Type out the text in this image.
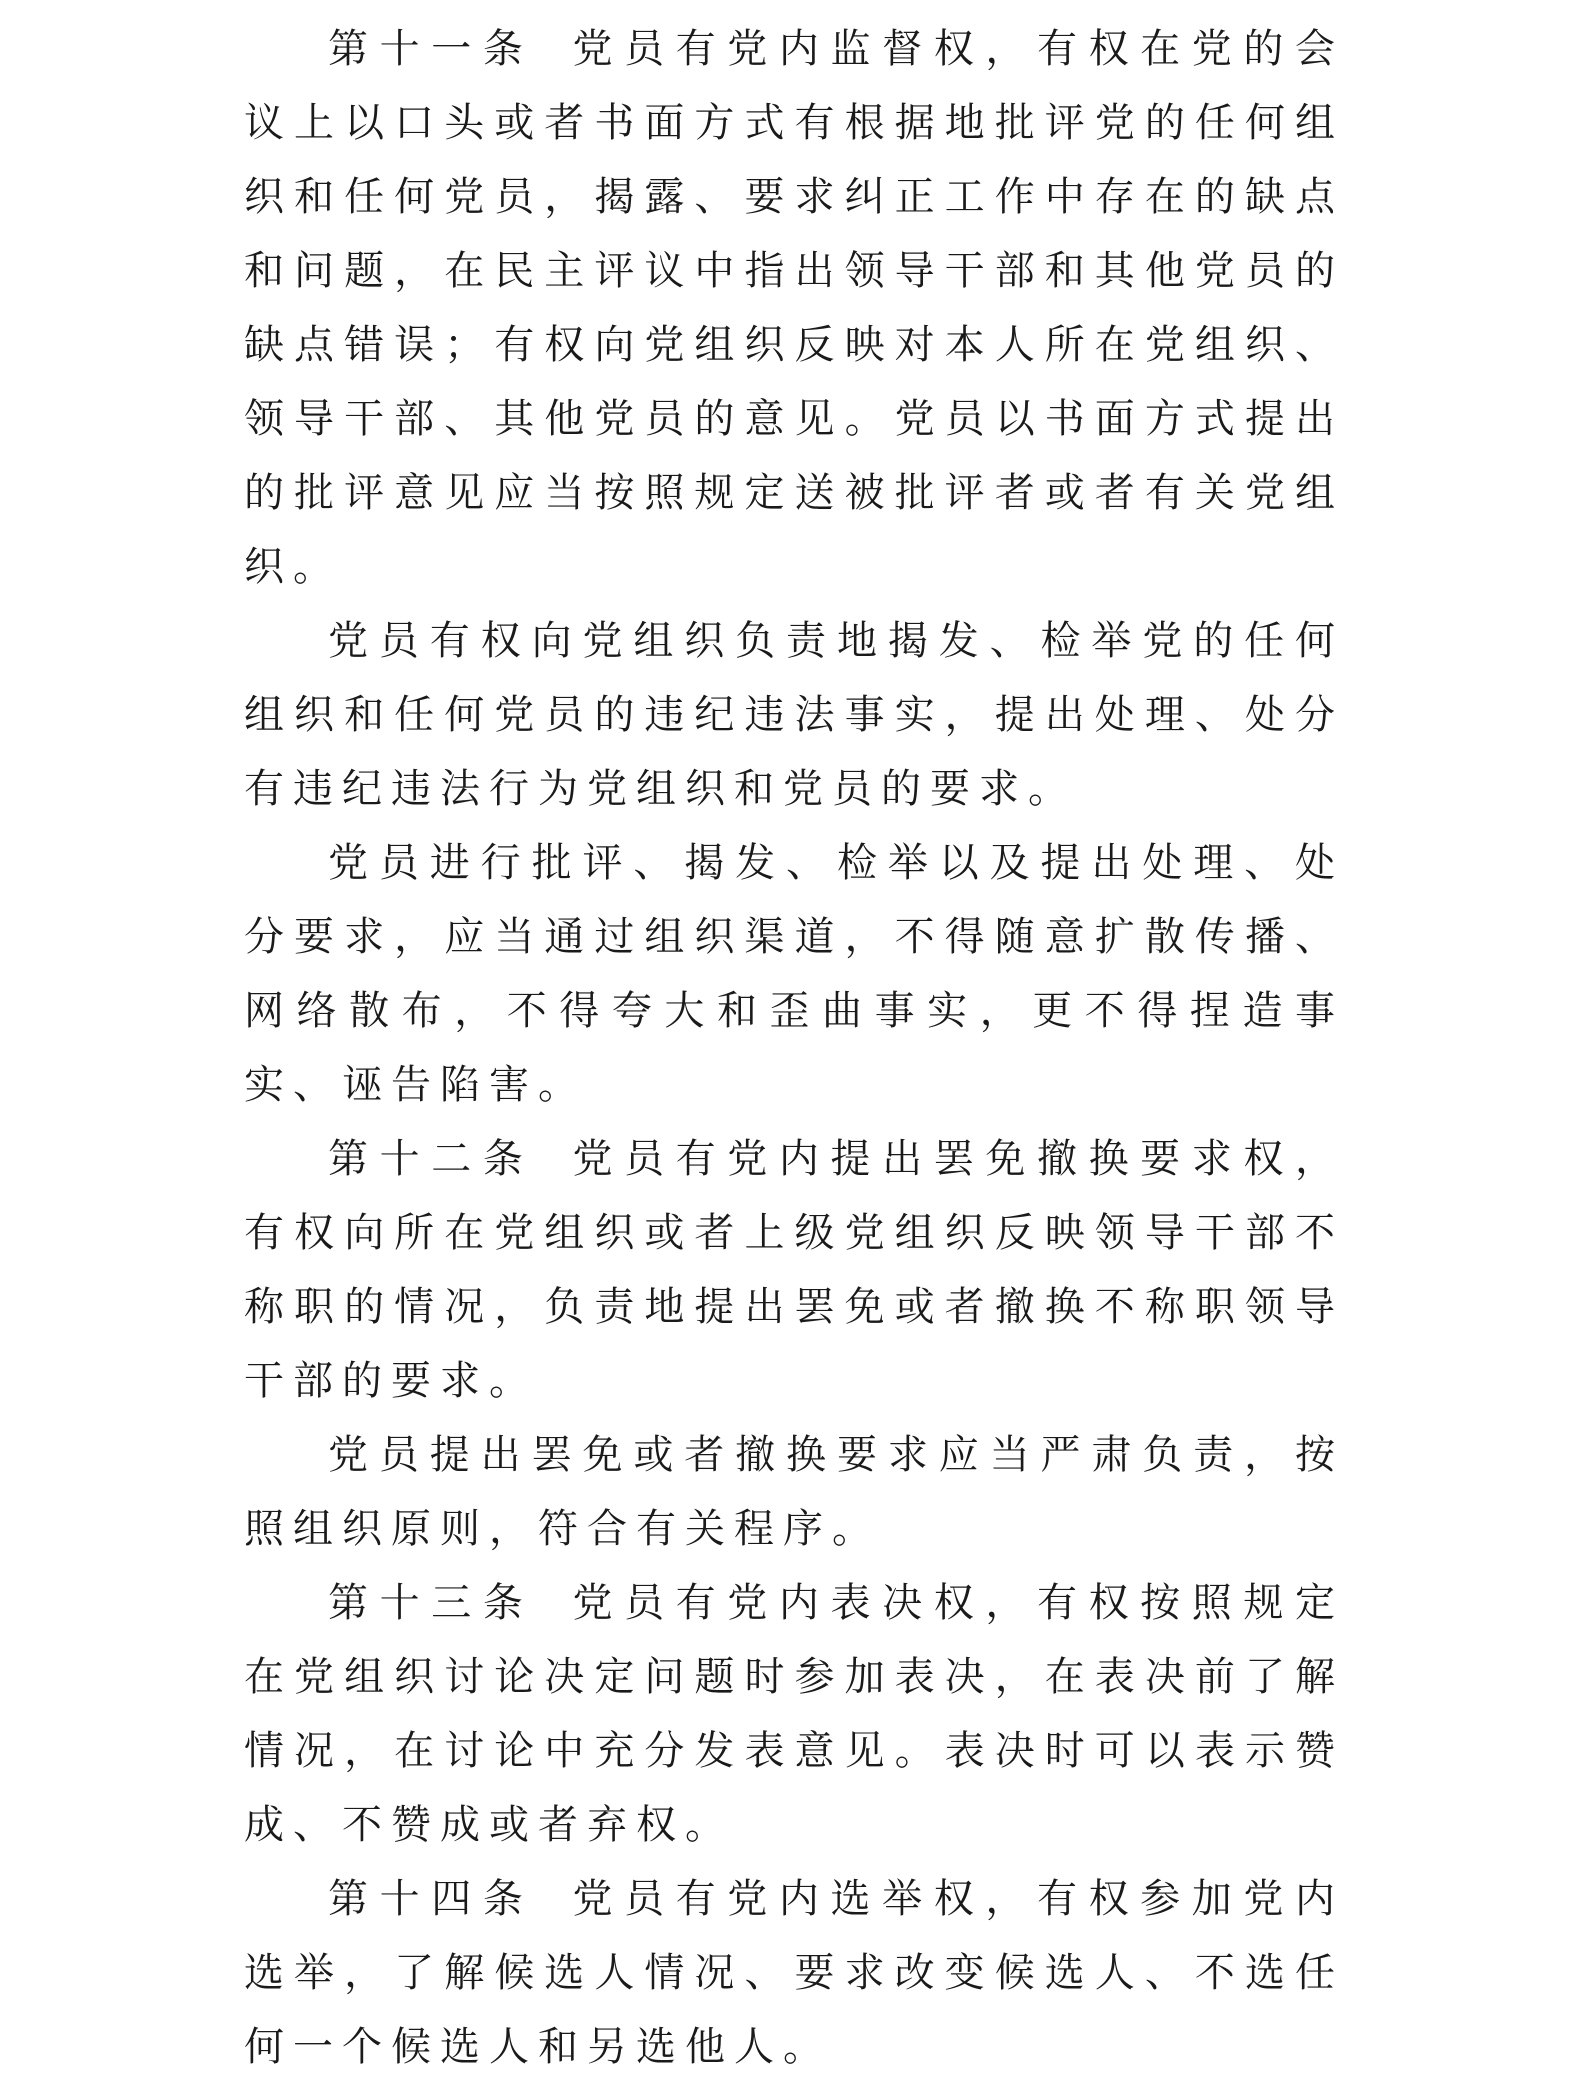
第十一条 党员有党内监督权，有权在党的会议上以口头或者书面方式有根据地批评党的任何组织和任何党员，揭露、要求纠正工作中存在的缺点和问题，在民主评议中指出领导干部和其他党员的缺点错误；有权向党组织反映对本人所在党组织、领导干部、其他党员的意见。党员以书面方式提出的批评意见应当按照规定送被批评者或者有关党组织。

党员有权向党组织负责地揭发、检举党的任何组织和任何党员的违纪违法事实，提出处理、处分有违纪违法行为党组织和党员的要求。

党员进行批评、揭发、检举以及提出处理、处分要求，应当通过组织渠道，不得随意扩散传播、网络散布，不得夸大和歪曲事实，更不得捏造事实、诬告陷害。

第十二条 党员有党内提出罢免撤换要求权，有权向所在党组织或者上级党组织反映领导干部不称职的情况，负责地提出罢免或者撤换不称职领导干部的要求。

党员提出罢免或者撤换要求应当严肃负责，按照组织原则，符合有关程序。

第十三条 党员有党内表决权，有权按照规定在党组织讨论决定问题时参加表决，在表决前了解情况，在讨论中充分发表意见。表决时可以表示赞成、不赞成或者弃权。

第十四条 党员有党内选举权，有权参加党内选举，了解候选人情况、要求改变候选人、不选任何一个候选人和另选他人。
